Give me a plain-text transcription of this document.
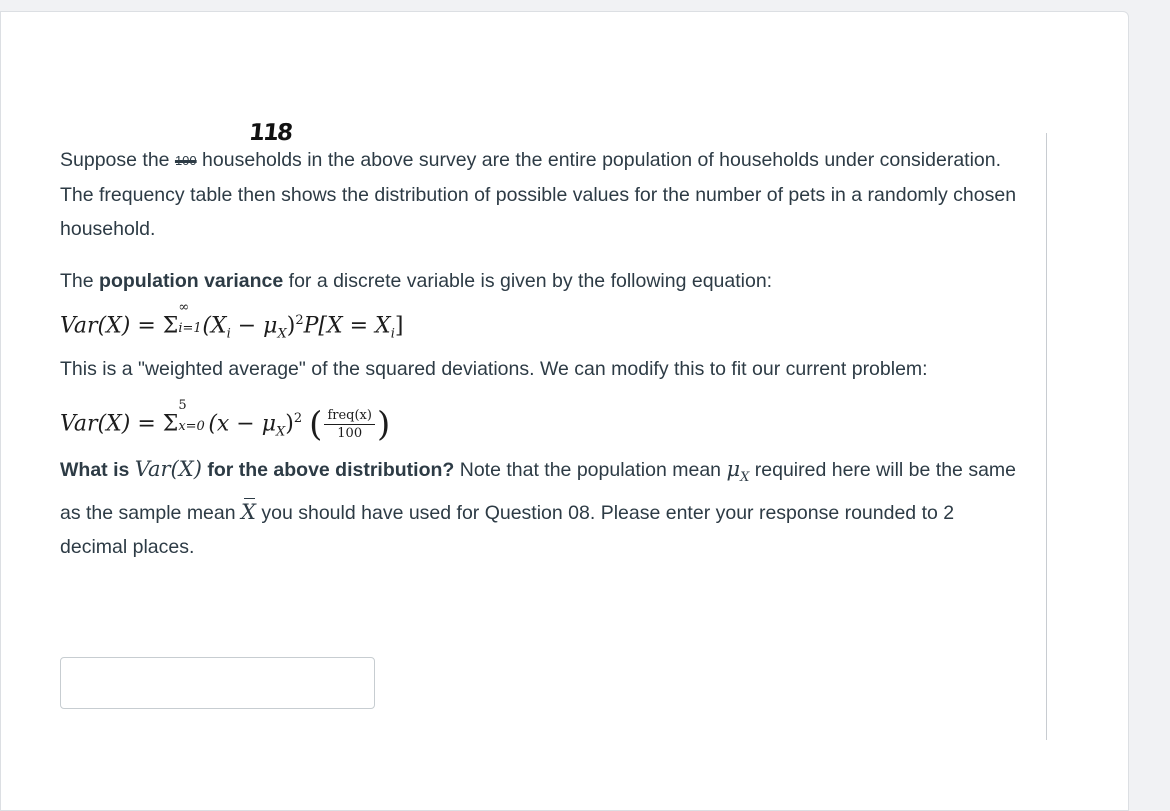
Suppose the 100 households in the above survey are the entire population of households under consideration. The frequency table then shows the distribution of possible values for the number of pets in a randomly chosen household.
118

The population variance for a discrete variable is given by the following equation:

Var(X) = Σ
∞
i=1 $(X_i - \mu_X)^2P[X = X_i]$

This is a "weighted average" of the squared deviations. We can modify this to fit our current problem:

Var(X) = Σ
5
x=0 $(x - \mu_X)^2$ ( $\frac{\text{freq(x)}}{100}$ )

What is Var(X) for the above distribution? Note that the population mean $\mu_X$ required here will be the same as the sample mean X you should have used for Question 08. Please enter your response rounded to 2 decimal places.
